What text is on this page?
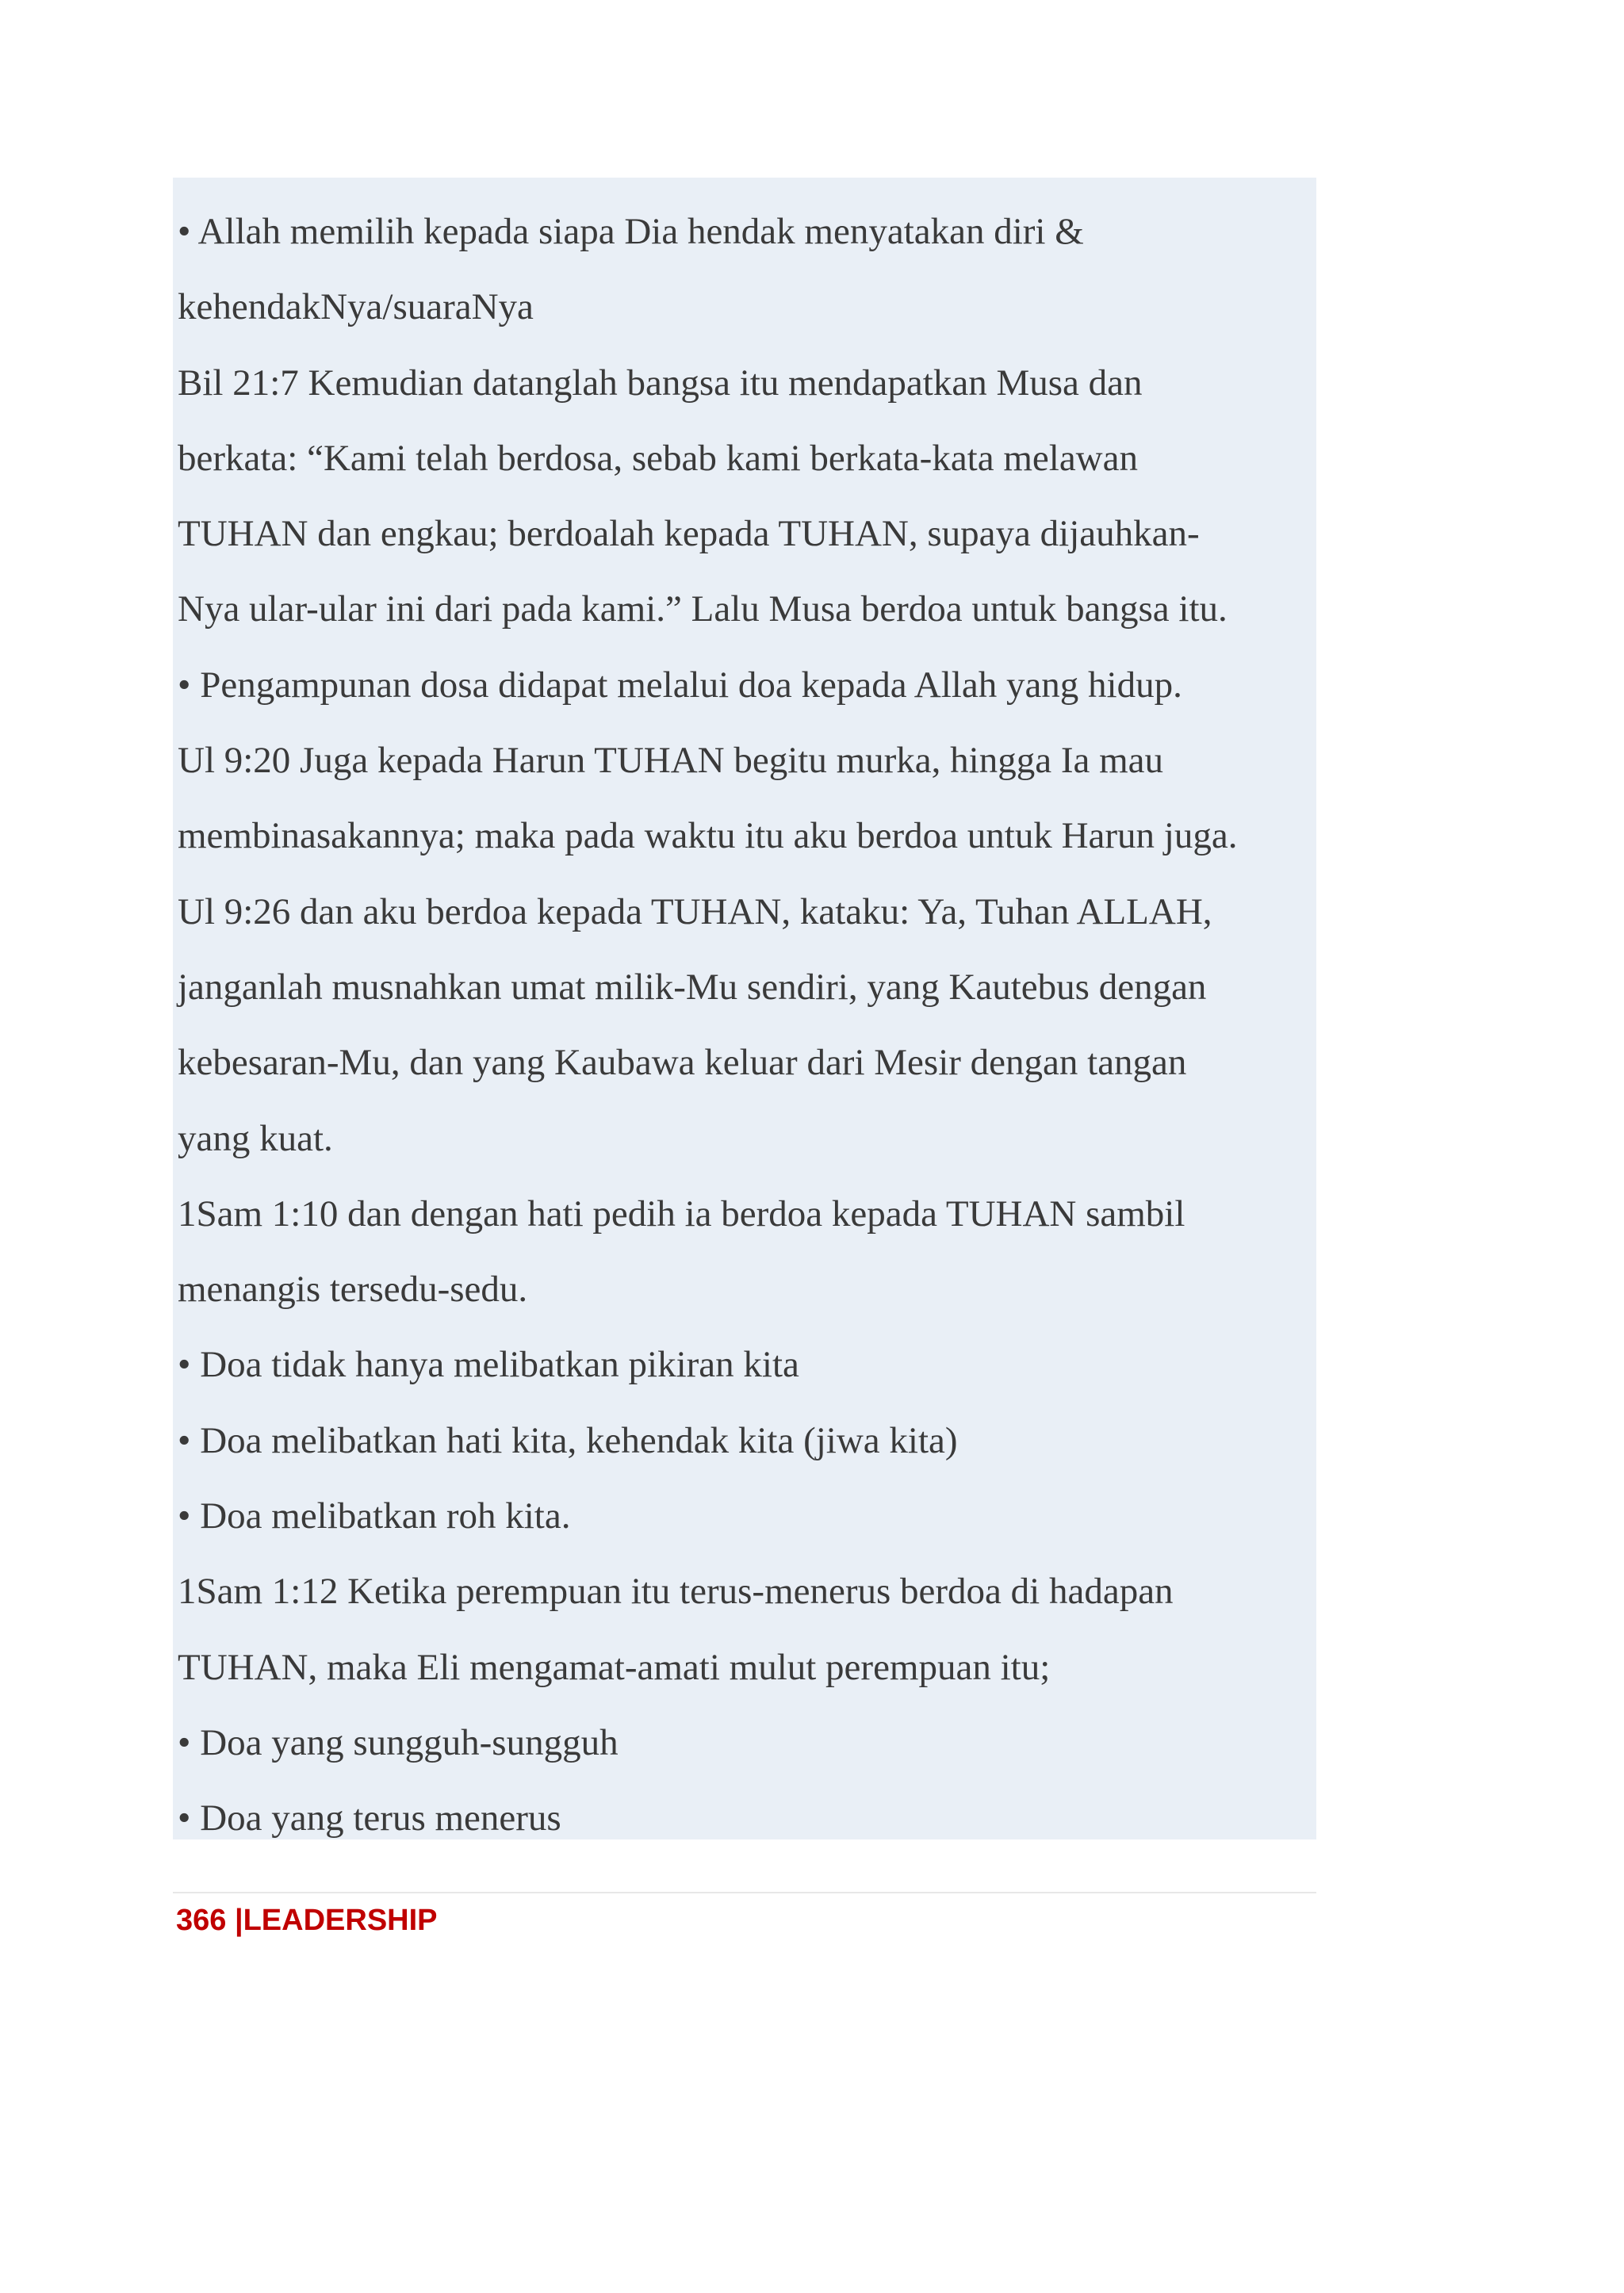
• Allah memilih kepada siapa Dia hendak menyatakan diri &
kehendakNya/suaraNya
Bil 21:7 Kemudian datanglah bangsa itu mendapatkan Musa dan
berkata: “Kami telah berdosa, sebab kami berkata-kata melawan
TUHAN dan engkau; berdoalah kepada TUHAN, supaya dijauhkan-
Nya ular-ular ini dari pada kami.” Lalu Musa berdoa untuk bangsa itu.
• Pengampunan dosa didapat melalui doa kepada Allah yang hidup.
Ul 9:20 Juga kepada Harun TUHAN begitu murka, hingga Ia mau
membinasakannya; maka pada waktu itu aku berdoa untuk Harun juga.
Ul 9:26 dan aku berdoa kepada TUHAN, kataku: Ya, Tuhan ALLAH,
janganlah musnahkan umat milik-Mu sendiri, yang Kautebus dengan
kebesaran-Mu, dan yang Kaubawa keluar dari Mesir dengan tangan
yang kuat.
1Sam 1:10 dan dengan hati pedih ia berdoa kepada TUHAN sambil
menangis tersedu-sedu.
• Doa tidak hanya melibatkan pikiran kita
• Doa melibatkan hati kita, kehendak kita (jiwa kita)
• Doa melibatkan roh kita.
1Sam 1:12 Ketika perempuan itu terus-menerus berdoa di hadapan
TUHAN, maka Eli mengamat-amati mulut perempuan itu;
• Doa yang sungguh-sungguh
• Doa yang terus menerus
366 |LEADERSHIP
